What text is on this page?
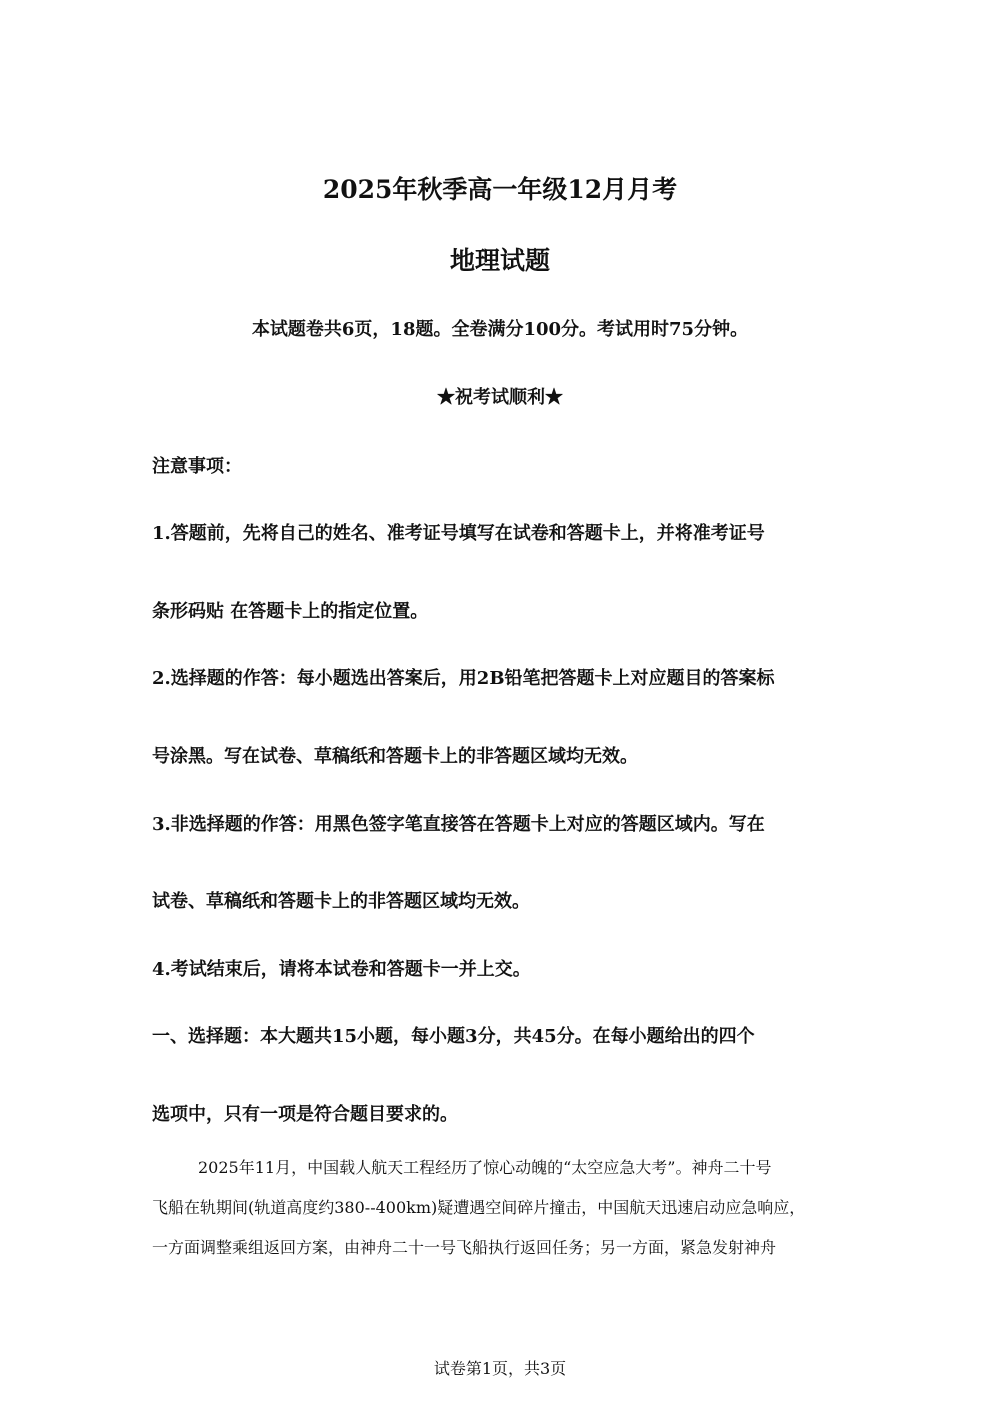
2025年秋季高一年级12月月考
地理试题
本试题卷共6页，18题。全卷满分100分。考试用时75分钟。
★祝考试顺利★
注意事项：
1.答题前，先将自己的姓名、准考证号填写在试卷和答题卡上，并将准考证号
条形码贴 在答题卡上的指定位置。
2.选择题的作答：每小题选出答案后，用2B铅笔把答题卡上对应题目的答案标
号涂黑。写在试卷、草稿纸和答题卡上的非答题区域均无效。
3.非选择题的作答：用黑色签字笔直接答在答题卡上对应的答题区域内。写在
试卷、草稿纸和答题卡上的非答题区域均无效。
4.考试结束后，请将本试卷和答题卡一并上交。
一、选择题：本大题共15小题，每小题3分，共45分。在每小题给出的四个
选项中，只有一项是符合题目要求的。
2025年11月，中国载人航天工程经历了惊心动魄的“太空应急大考”。神舟二十号
飞船在轨期间(轨道高度约380--400km)疑遭遇空间碎片撞击，中国航天迅速启动应急响应，
一方面调整乘组返回方案，由神舟二十一号飞船执行返回任务；另一方面，紧急发射神舟
试卷第1页，共3页
